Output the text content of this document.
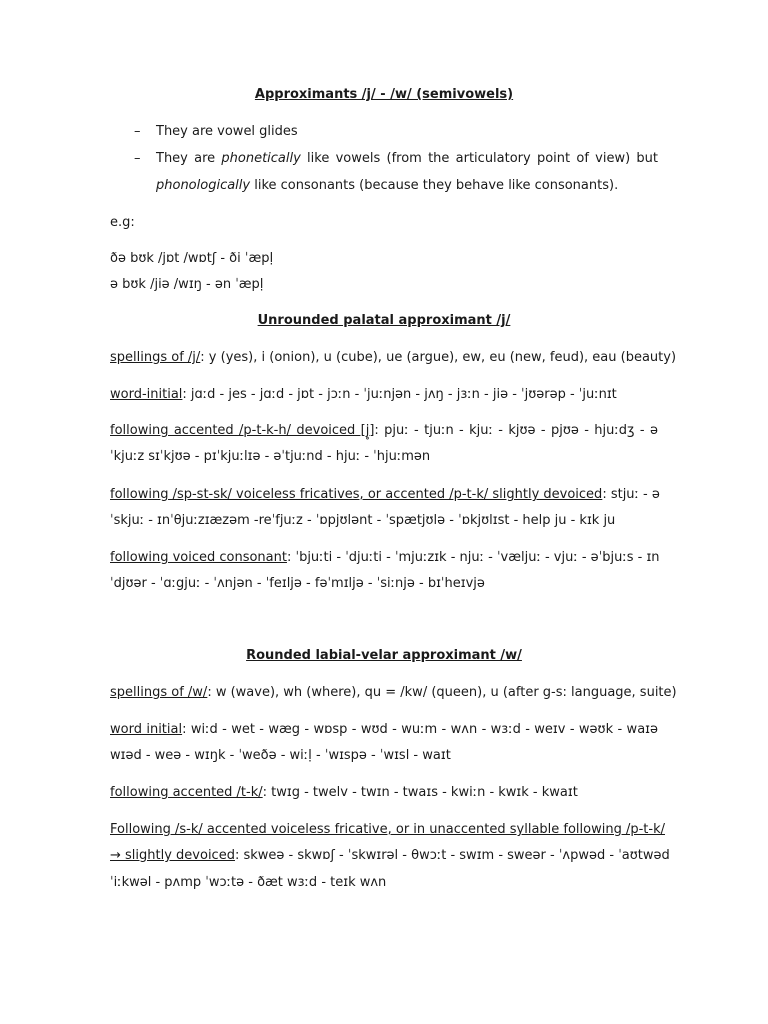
Approximants /j/ - /w/ (semivowels)
– They are vowel glides
– They are phonetically like vowels (from the articulatory point of view) but
phonologically like consonants (because they behave like consonants).
e.g:
ðə bʊk /jɒt /wɒtʃ - ði ˈæpḷ
ə bʊk /jiə /wɪŋ - ən ˈæpḷ
Unrounded palatal approximant /j/
spellings of /j/: y (yes), i (onion), u (cube), ue (argue), ew, eu (new, feud), eau (beauty)
word-initial: jɑːd - jes - jɑːd - jɒt - jɔːn - ˈjuːnjən - jʌŋ - jɜːn - jiə - ˈjʊərəp - ˈjuːnɪt
following accented /p-t-k-h/ devoiced [j̥]: pjuː - tjuːn - kjuː - kjʊə - pjʊə - hjuːdʒ - ə
ˈkjuːz sɪˈkjʊə - pɪˈkjuːlɪə - əˈtjuːnd - hjuː - ˈhjuːmən
following /sp-st-sk/ voiceless fricatives, or accented /p-t-k/ slightly devoiced: stjuː - ə
ˈskjuː - ɪnˈθjuːzɪæzəm -reˈfjuːz - ˈɒpjʊlənt - ˈspætjʊlə - ˈɒkjʊlɪst - help ju - kɪk ju
following voiced consonant: ˈbjuːti - ˈdjuːti - ˈmjuːzɪk - njuː - ˈvæljuː - vjuː - əˈbjuːs - ɪn
ˈdjʊər - ˈɑːgjuː - ˈʌnjən - ˈfeɪljə - fəˈmɪljə - ˈsiːnjə - bɪˈheɪvjə
Rounded labial-velar approximant /w/
spellings of /w/: w (wave), wh (where), qu = /kw/ (queen), u (after g-s: language, suite)
word initial: wiːd - wet - wæg - wɒsp - wʊd - wuːm - wʌn - wɜːd - weɪv - wəʊk - waɪə
wɪəd - weə - wɪŋk - ˈweðə - wiːḷ - ˈwɪspə - ˈwɪsl - waɪt
following accented /t-k/: twɪg - twelv - twɪn - twaɪs - kwiːn - kwɪk - kwaɪt
Following /s-k/ accented voiceless fricative, or in unaccented syllable following /p-t-k/
→ slightly devoiced: skweə - skwɒʃ - ˈskwɪrəl - θwɔːt - swɪm - sweər - ˈʌpwəd - ˈaʊtwəd
ˈiːkwəl - pʌmp ˈwɔːtə - ðæt wɜːd - teɪk wʌn
